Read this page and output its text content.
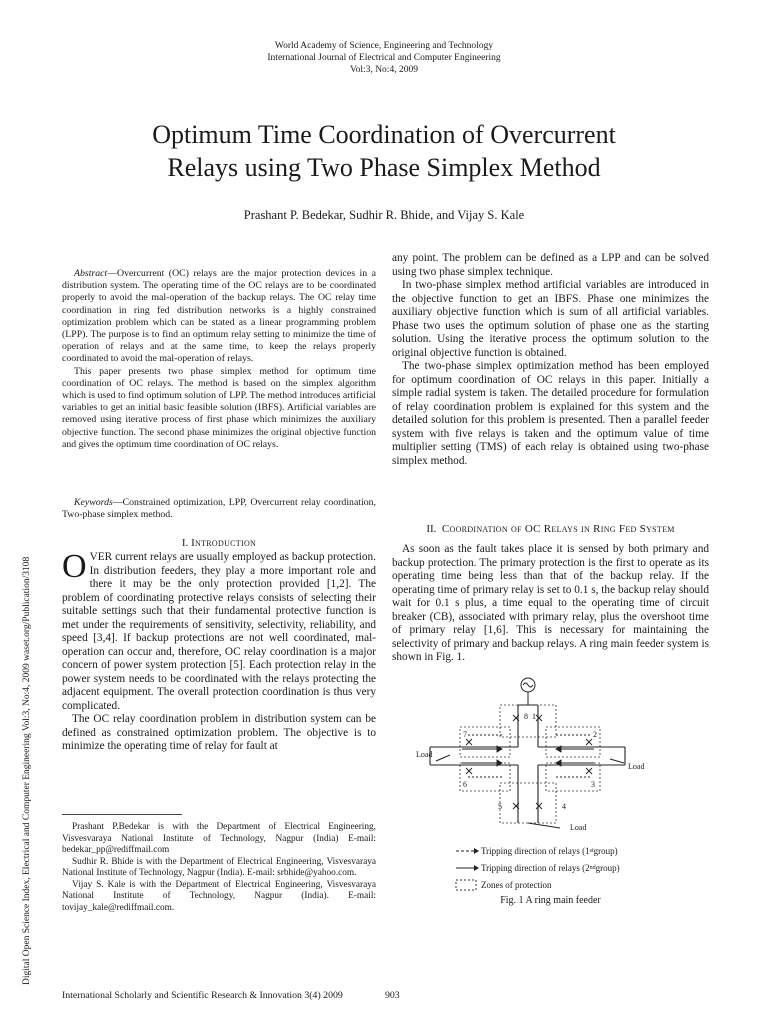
World Academy of Science, Engineering and Technology
International Journal of Electrical and Computer Engineering
Vol:3, No:4, 2009
Optimum Time Coordination of Overcurrent
Relays using Two Phase Simplex Method
Prashant P. Bedekar, Sudhir R. Bhide, and Vijay S. Kale
Digital Open Science Index, Electrical and Computer Engineering Vol:3, No:4, 2009 waset.org/Publication/3108

Abstract—Overcurrent (OC) relays are the major protection devices in a distribution system. The operating time of the OC relays are to be coordinated properly to avoid the mal-operation of the backup relays. The OC relay time coordination in ring fed distribution networks is a highly constrained optimization problem which can be stated as a linear programming problem (LPP). The purpose is to find an optimum relay setting to minimize the time of operation of relays and at the same time, to keep the relays properly coordinated to avoid the mal-operation of relays.

This paper presents two phase simplex method for optimum time coordination of OC relays. The method is based on the simplex algorithm which is used to find optimum solution of LPP. The method introduces artificial variables to get an initial basic feasible solution (IBFS). Artificial variables are removed using iterative process of first phase which minimizes the auxiliary objective function. The second phase minimizes the original objective function and gives the optimum time coordination of OC relays.

Keywords—Constrained optimization, LPP, Overcurrent relay coordination, Two-phase simplex method.
I. Introduction

OVER current relays are usually employed as backup protection. In distribution feeders, they play a more important role and there it may be the only protection provided [1,2]. The problem of coordinating protective relays consists of selecting their suitable settings such that their fundamental protective function is met under the requirements of sensitivity, selectivity, reliability, and speed [3,4]. If backup protections are not well coordinated, mal-operation can occur and, therefore, OC relay coordination is a major concern of power system protection [5]. Each protection relay in the power system needs to be coordinated with the relays protecting the adjacent equipment. The overall protection coordination is thus very complicated.

The OC relay coordination problem in distribution system can be defined as constrained optimization problem. The objective is to minimize the operating time of relay for fault at

Prashant P.Bedekar is with the Department of Electrical Engineering, Visvesvaraya National Institute of Technology, Nagpur (India) E-mail: bedekar_pp@rediffmail.com

Sudhir R. Bhide is with the Department of Electrical Engineering, Visvesvaraya National Institute of Technology, Nagpur (India). E-mail: srbhide@yahoo.com.

Vijay S. Kale is with the Department of Electrical Engineering, Visvesvaraya National Institute of Technology, Nagpur (India). E-mail: tovijay_kale@rediffmail.com.

any point. The problem can be defined as a LPP and can be solved using two phase simplex technique.

In two-phase simplex method artificial variables are introduced in the objective function to get an IBFS. Phase one minimizes the auxiliary objective function which is sum of all artificial variables. Phase two uses the optimum solution of phase one as the starting solution. Using the iterative process the optimum solution to the original objective function is obtained.

The two-phase simplex optimization method has been employed for optimum coordination of OC relays in this paper. Initially a simple radial system is taken. The detailed procedure for formulation of relay coordination problem is explained for this system and the detailed solution for this problem is presented. Then a parallel feeder system with five relays is taken and the optimum value of time multiplier setting (TMS) of each relay is obtained using two-phase simplex method.

II. Coordination of OC Relays in Ring Fed System

As soon as the fault takes place it is sensed by both primary and backup protection. The primary protection is the first to operate as its operating time being less than that of the backup relay. If the operating time of primary relay is set to 0.1 s, the backup relay should wait for 0.1 s plus, a time equal to the operating time of circuit breaker (CB), associated with primary relay, plus the overshoot time of primary relay [1,6]. This is necessary for maintaining the selectivity of primary and backup relays. A ring main feeder system is shown in Fig. 1.

Load
Load
Load
8 1
7	2
6	3
5	4
Tripping direction of relays (1 st group)
Tripping direction of relays (2 nd group)
Zones of protection
Fig. 1 A ring main feeder
International Scholarly and Scientific Research & Innovation 3(4) 2009	903
